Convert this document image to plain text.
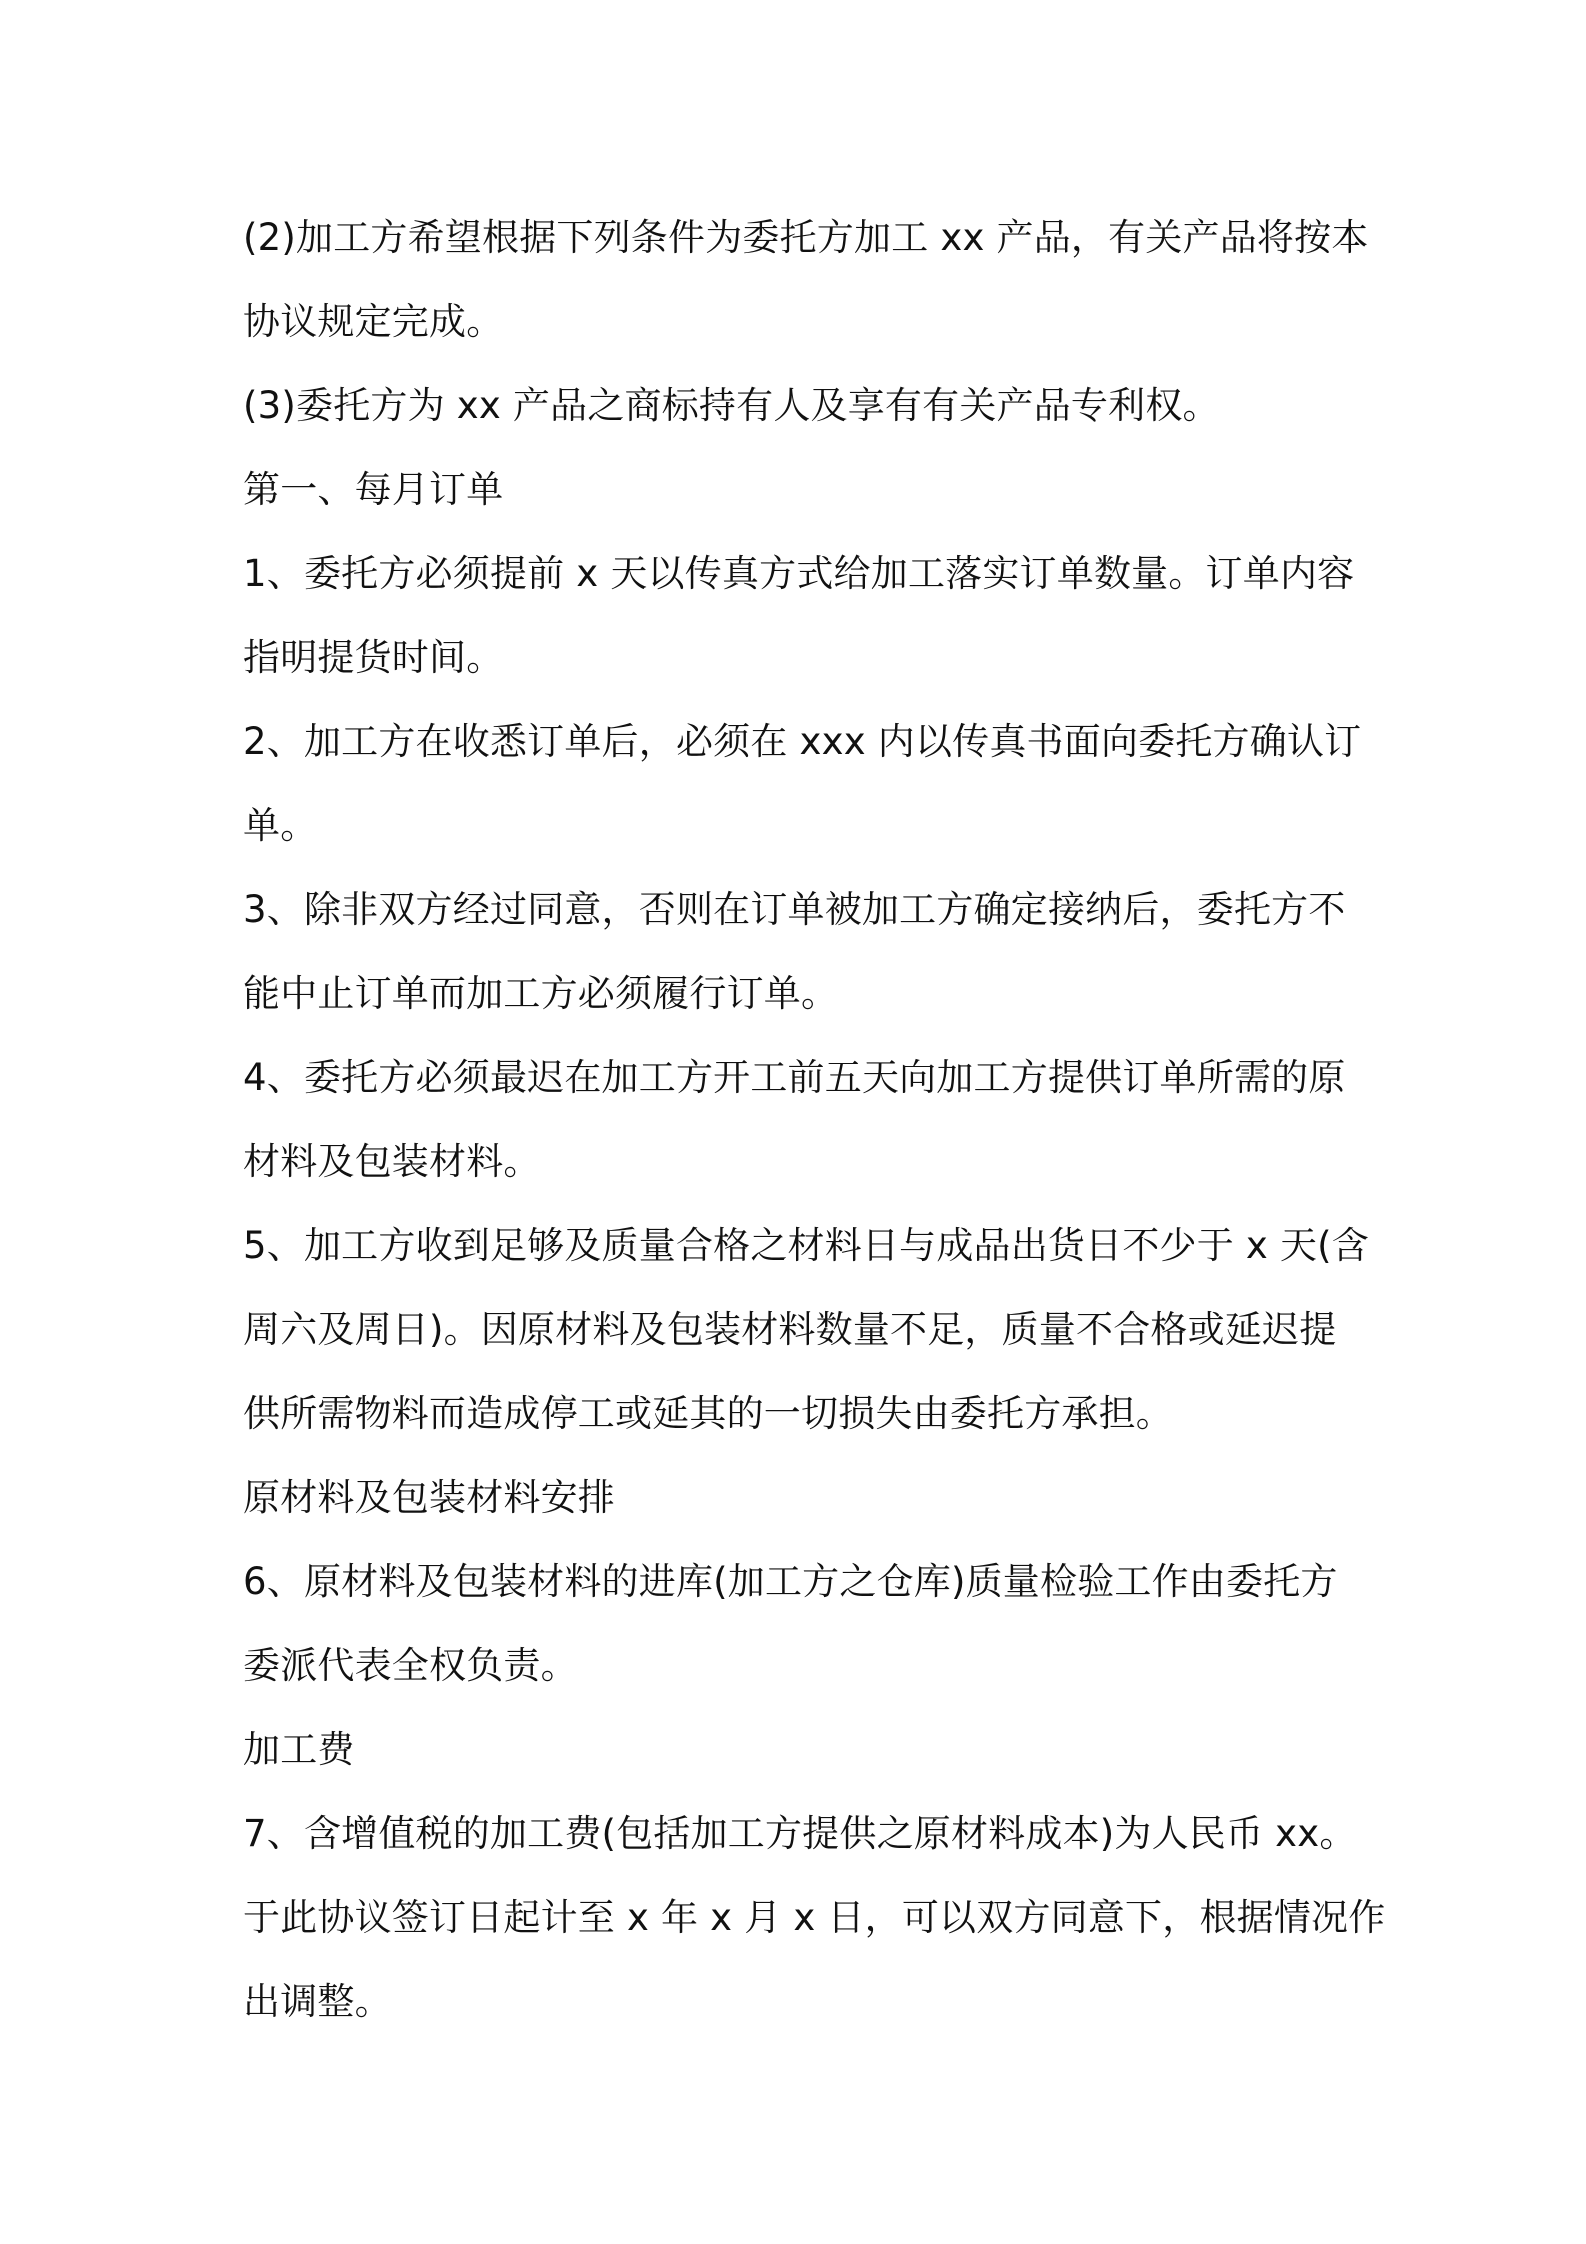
(2)加工方希望根据下列条件为委托方加工 xx 产品，有关产品将按本
协议规定完成。
(3)委托方为 xx 产品之商标持有人及享有有关产品专利权。
第一、每月订单
1、委托方必须提前 x 天以传真方式给加工落实订单数量。订单内容
指明提货时间。
2、加工方在收悉订单后，必须在 xxx 内以传真书面向委托方确认订
单。
3、除非双方经过同意，否则在订单被加工方确定接纳后，委托方不
能中止订单而加工方必须履行订单。
4、委托方必须最迟在加工方开工前五天向加工方提供订单所需的原
材料及包装材料。
5、加工方收到足够及质量合格之材料日与成品出货日不少于 x 天(含
周六及周日)。因原材料及包装材料数量不足，质量不合格或延迟提
供所需物料而造成停工或延其的一切损失由委托方承担。
原材料及包装材料安排
6、原材料及包装材料的进库(加工方之仓库)质量检验工作由委托方
委派代表全权负责。
加工费
7、含增值税的加工费(包括加工方提供之原材料成本)为人民币 xx。
于此协议签订日起计至 x 年 x 月 x 日，可以双方同意下，根据情况作
出调整。
